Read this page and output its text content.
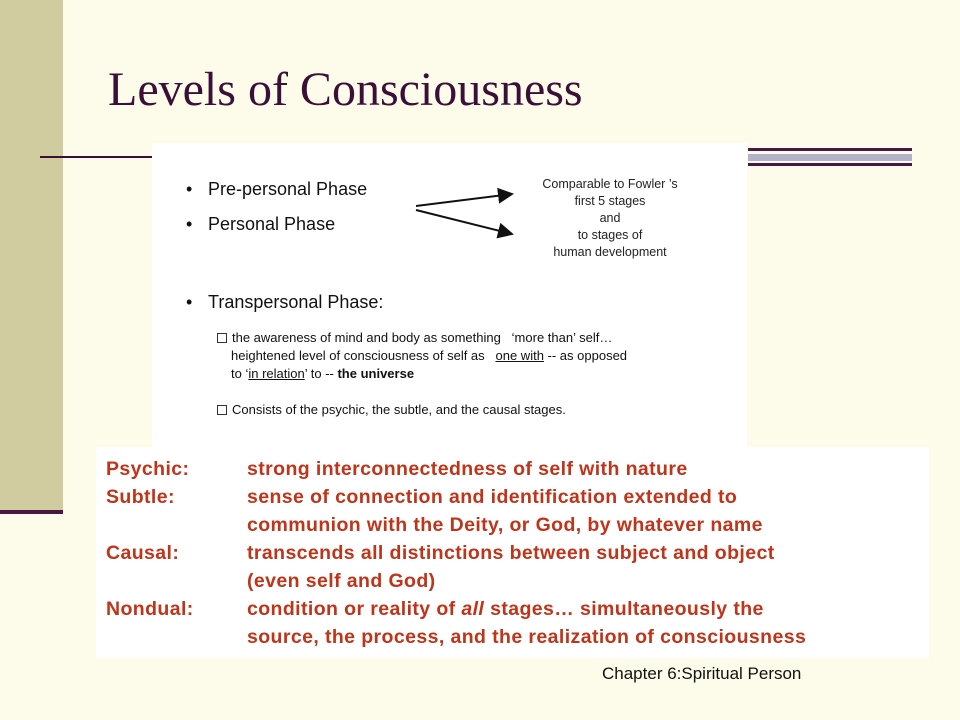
Levels of Consciousness
• Pre-personal Phase
• Personal Phase
Comparable to Fowler ’s
first 5 stages
and
to stages of
human development
• Transpersonal Phase:
the awareness of mind and body as something   ‘more than’ self…
heightened level of consciousness of self as   one with -- as opposed
to ‘in relation’ to -- the universe
Consists of the psychic, the subtle, and the causal stages.
Psychic:	strong interconnectedness of self with nature
Subtle:	sense of connection and identification extended to
communion with the Deity, or God, by whatever name
Causal:	transcends all distinctions between subject and object
(even self and God)
Nondual:	condition or reality of all stages… simultaneously the
source, the process, and the realization of consciousness
Chapter 6:Spiritual Person
